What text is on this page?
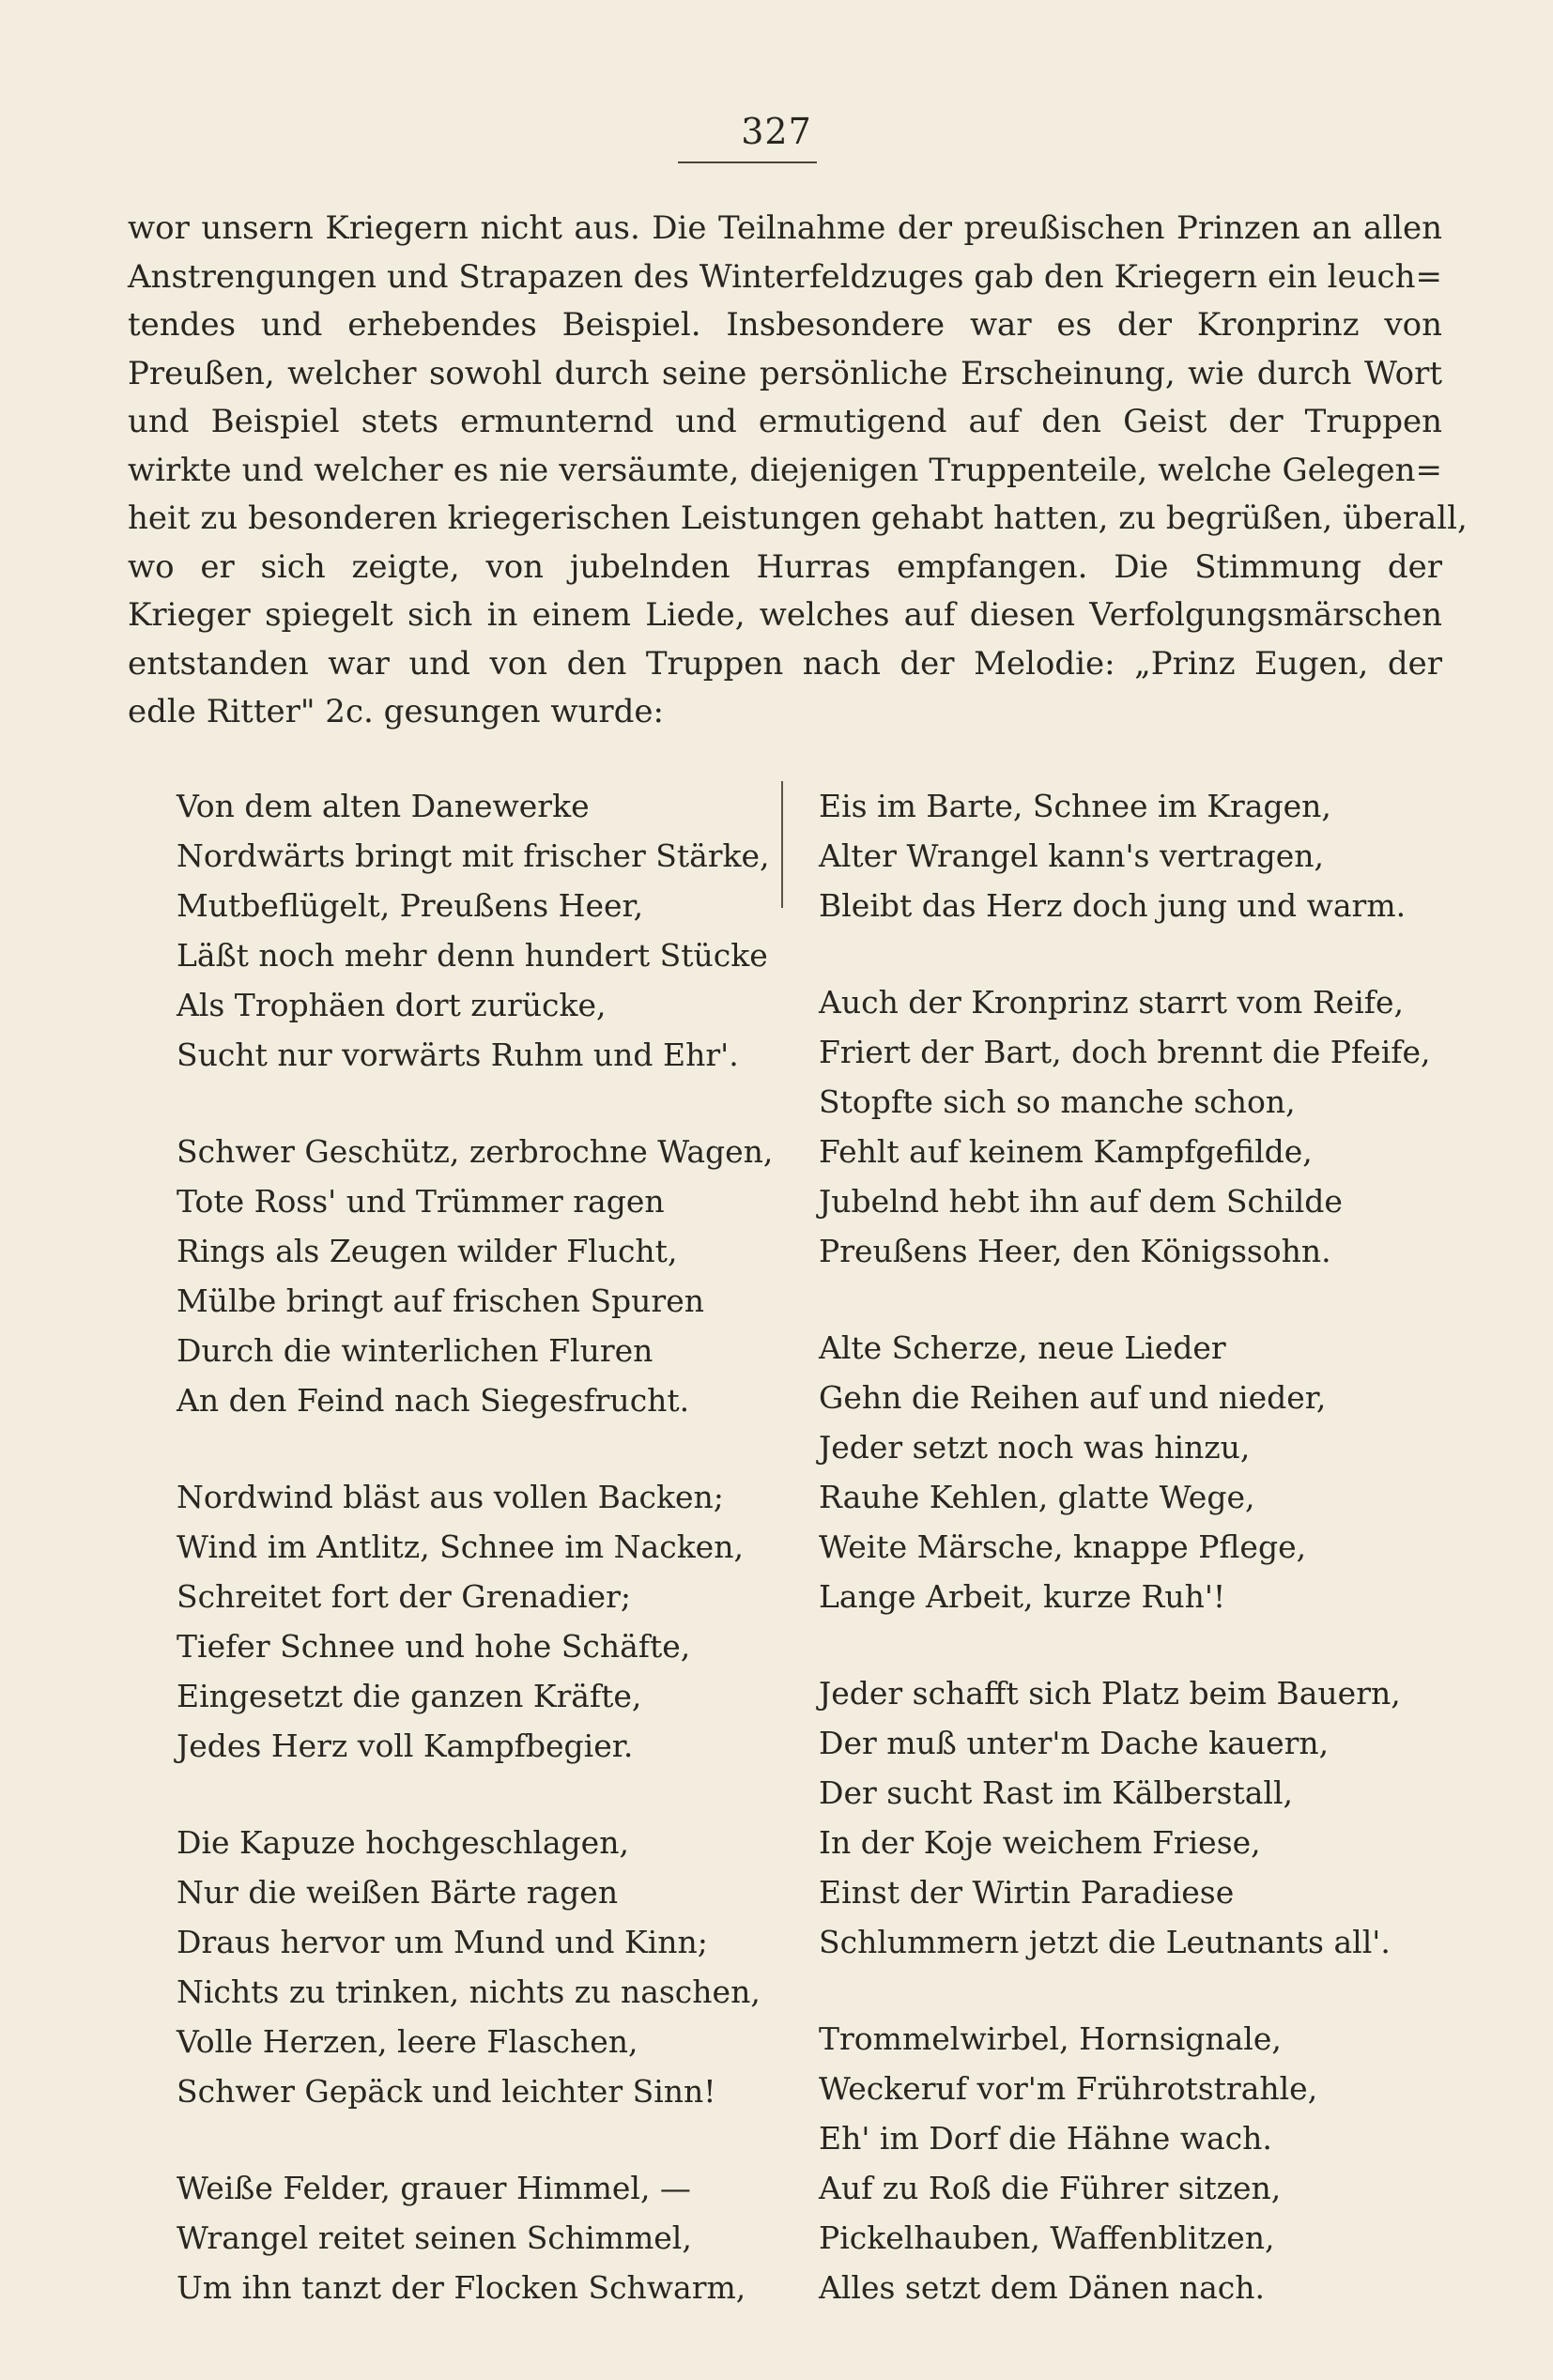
327
wor unsern Kriegern nicht aus. Die Teilnahme der preußischen Prinzen an allen
Anstrengungen und Strapazen des Winterfeldzuges gab den Kriegern ein leuch=
tendes und erhebendes Beispiel. Insbesondere war es der Kronprinz von
Preußen, welcher sowohl durch seine persönliche Erscheinung, wie durch Wort
und Beispiel stets ermunternd und ermutigend auf den Geist der Truppen
wirkte und welcher es nie versäumte, diejenigen Truppenteile, welche Gelegen=
heit zu besonderen kriegerischen Leistungen gehabt hatten, zu begrüßen, überall,
wo er sich zeigte, von jubelnden Hurras empfangen. Die Stimmung der
Krieger spiegelt sich in einem Liede, welches auf diesen Verfolgungsmärschen
entstanden war und von den Truppen nach der Melodie: „Prinz Eugen, der
edle Ritter" 2c. gesungen wurde:
Von dem alten Danewerke
Nordwärts bringt mit frischer Stärke,
Mutbeflügelt, Preußens Heer,
Läßt noch mehr denn hundert Stücke
Als Trophäen dort zurücke,
Sucht nur vorwärts Ruhm und Ehr'.
Schwer Geschütz, zerbrochne Wagen,
Tote Ross' und Trümmer ragen
Rings als Zeugen wilder Flucht,
Mülbe bringt auf frischen Spuren
Durch die winterlichen Fluren
An den Feind nach Siegesfrucht.
Nordwind bläst aus vollen Backen;
Wind im Antlitz, Schnee im Nacken,
Schreitet fort der Grenadier;
Tiefer Schnee und hohe Schäfte,
Eingesetzt die ganzen Kräfte,
Jedes Herz voll Kampfbegier.
Die Kapuze hochgeschlagen,
Nur die weißen Bärte ragen
Draus hervor um Mund und Kinn;
Nichts zu trinken, nichts zu naschen,
Volle Herzen, leere Flaschen,
Schwer Gepäck und leichter Sinn!
Weiße Felder, grauer Himmel, —
Wrangel reitet seinen Schimmel,
Um ihn tanzt der Flocken Schwarm,
Eis im Barte, Schnee im Kragen,
Alter Wrangel kann's vertragen,
Bleibt das Herz doch jung und warm.
Auch der Kronprinz starrt vom Reife,
Friert der Bart, doch brennt die Pfeife,
Stopfte sich so manche schon,
Fehlt auf keinem Kampfgefilde,
Jubelnd hebt ihn auf dem Schilde
Preußens Heer, den Königssohn.
Alte Scherze, neue Lieder
Gehn die Reihen auf und nieder,
Jeder setzt noch was hinzu,
Rauhe Kehlen, glatte Wege,
Weite Märsche, knappe Pflege,
Lange Arbeit, kurze Ruh'!
Jeder schafft sich Platz beim Bauern,
Der muß unter'm Dache kauern,
Der sucht Rast im Kälberstall,
In der Koje weichem Friese,
Einst der Wirtin Paradiese
Schlummern jetzt die Leutnants all'.
Trommelwirbel, Hornsignale,
Weckeruf vor'm Frührotstrahle,
Eh' im Dorf die Hähne wach.
Auf zu Roß die Führer sitzen,
Pickelhauben, Waffenblitzen,
Alles setzt dem Dänen nach.
